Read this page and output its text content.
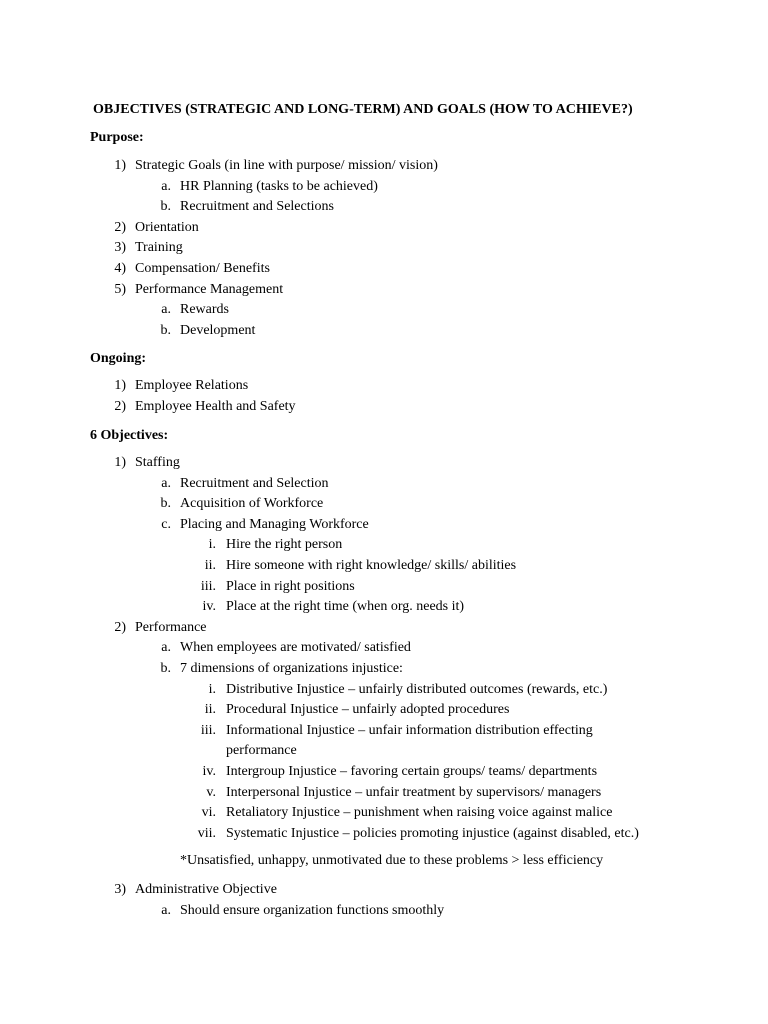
OBJECTIVES (STRATEGIC AND LONG-TERM) AND GOALS (HOW TO ACHIEVE?)
Purpose:
1) Strategic Goals (in line with purpose/ mission/ vision)
a. HR Planning (tasks to be achieved)
b. Recruitment and Selections
2) Orientation
3) Training
4) Compensation/ Benefits
5) Performance Management
a. Rewards
b. Development
Ongoing:
1) Employee Relations
2) Employee Health and Safety
6 Objectives:
1) Staffing
a. Recruitment and Selection
b. Acquisition of Workforce
c. Placing and Managing Workforce
i. Hire the right person
ii. Hire someone with right knowledge/ skills/ abilities
iii. Place in right positions
iv. Place at the right time (when org. needs it)
2) Performance
a. When employees are motivated/ satisfied
b. 7 dimensions of organizations injustice:
i. Distributive Injustice – unfairly distributed outcomes (rewards, etc.)
ii. Procedural Injustice – unfairly adopted procedures
iii. Informational Injustice – unfair information distribution effecting performance
iv. Intergroup Injustice – favoring certain groups/ teams/ departments
v. Interpersonal Injustice – unfair treatment by supervisors/ managers
vi. Retaliatory Injustice – punishment when raising voice against malice
vii. Systematic Injustice – policies promoting injustice (against disabled, etc.)
*Unsatisfied, unhappy, unmotivated due to these problems > less efficiency
3) Administrative Objective
a. Should ensure organization functions smoothly
